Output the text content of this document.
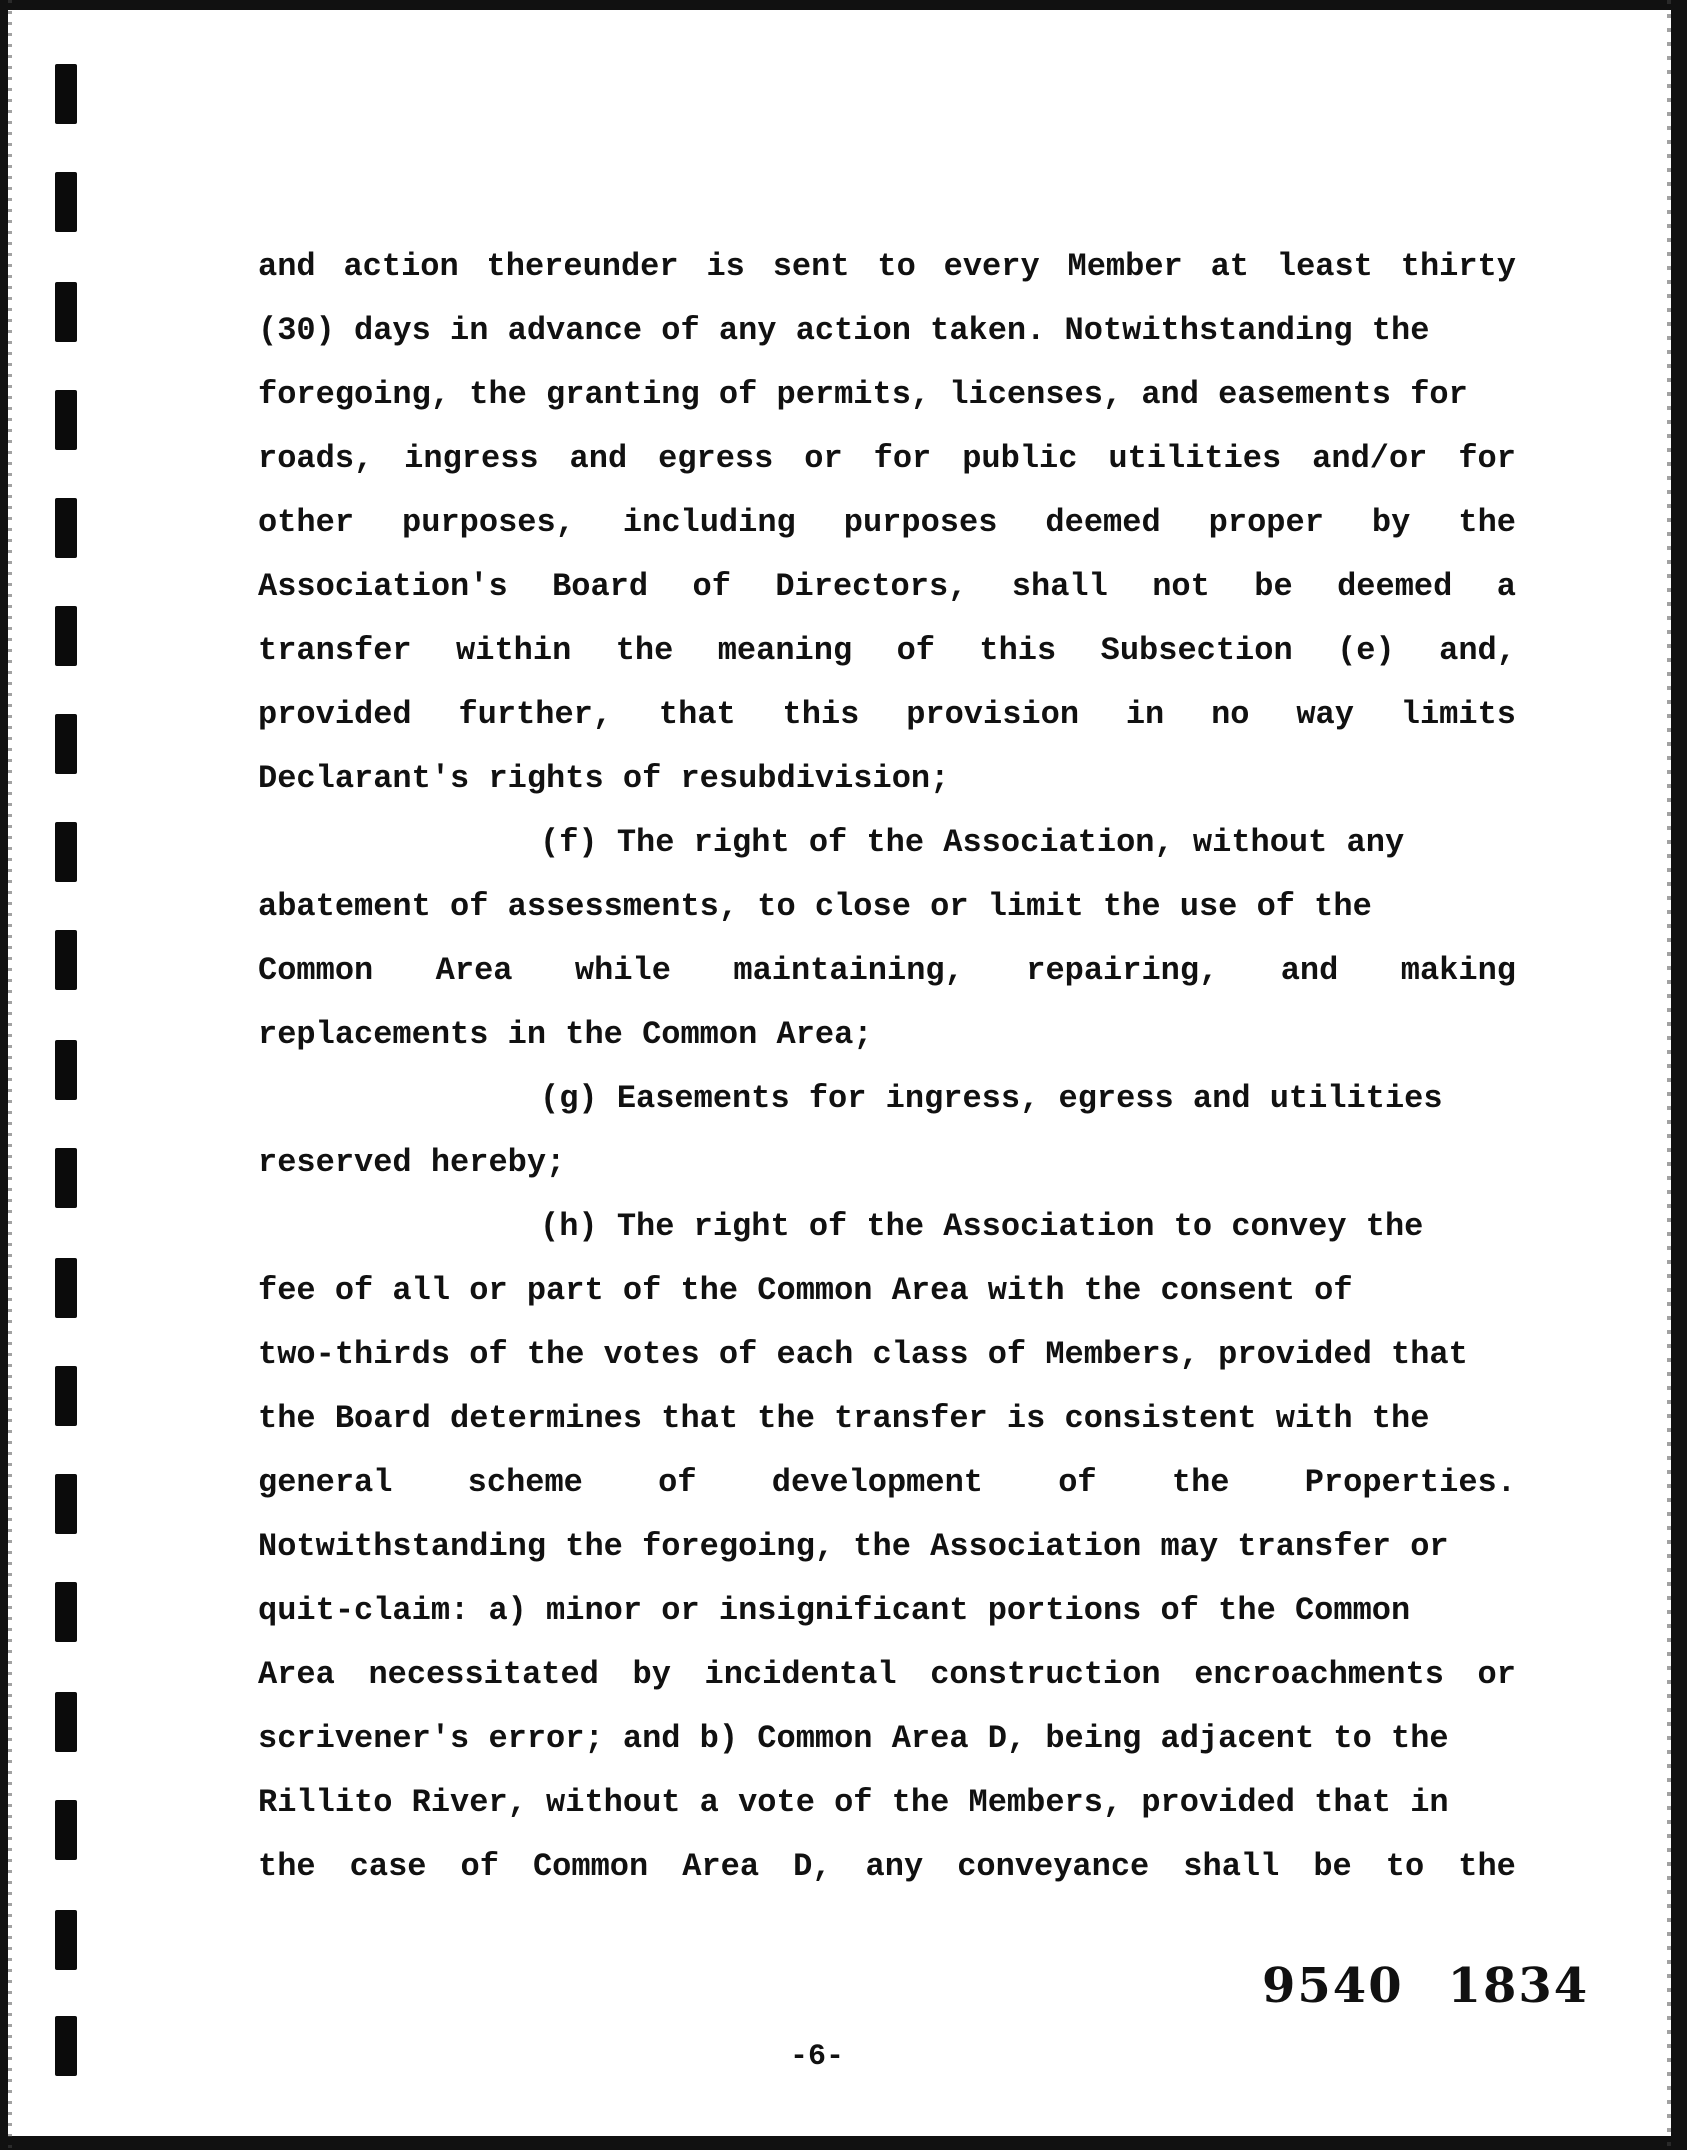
and action thereunder is sent to every Member at least thirty
(30) days in advance of any action taken. Notwithstanding the
foregoing, the granting of permits, licenses, and easements for
roads, ingress and egress or for public utilities and/or for
other purposes, including purposes deemed proper by the
Association's Board of Directors, shall not be deemed a
transfer within the meaning of this Subsection (e) and,
provided further, that this provision in no way limits
Declarant's rights of resubdivision;
(f) The right of the Association, without any
abatement of assessments, to close or limit the use of the
Common Area while maintaining, repairing, and making
replacements in the Common Area;
(g) Easements for ingress, egress and utilities
reserved hereby;
(h) The right of the Association to convey the
fee of all or part of the Common Area with the consent of
two-thirds of the votes of each class of Members, provided that
the Board determines that the transfer is consistent with the
general scheme of development of the Properties.
Notwithstanding the foregoing, the Association may transfer or
quit-claim: a) minor or insignificant portions of the Common
Area necessitated by incidental construction encroachments or
scrivener's error; and b) Common Area D, being adjacent to the
Rillito River, without a vote of the Members, provided that in
the case of Common Area D, any conveyance shall be to the
9540 1834
-6-
